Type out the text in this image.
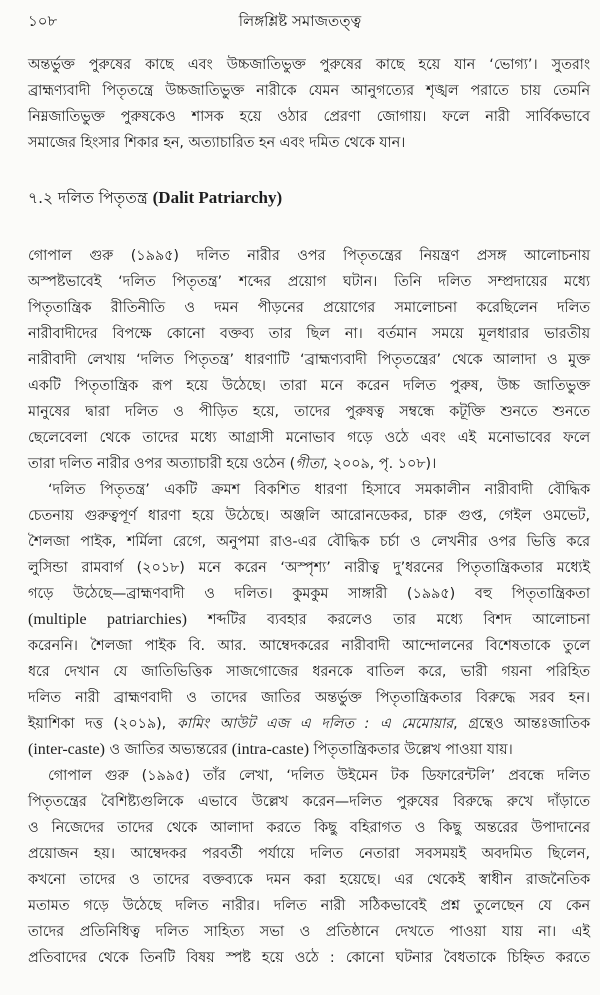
১০৮	লিঙ্গশ্লিষ্ট সমাজতত্ত্ব
অন্তর্ভুক্ত পুরুষের কাছে এবং উচ্চজাতিভুক্ত পুরুষের কাছে হয়ে যান ‘ভোগ্য’। সুতরাং
ব্রাহ্মণ্যবাদী পিতৃতন্ত্রে উচ্চজাতিভুক্ত নারীকে যেমন আনুগত্যের শৃঙ্খল পরাতে চায় তেমনি
নিম্নজাতিভুক্ত পুরুষকেও শাসক হয়ে ওঠার প্রেরণা জোগায়। ফলে নারী সার্বিকভাবে
সমাজের হিংসার শিকার হন, অত্যাচারিত হন এবং দমিত থেকে যান।
৭.২ দলিত পিতৃতন্ত্র (Dalit Patriarchy)
গোপাল গুরু (১৯৯৫) দলিত নারীর ওপর পিতৃতন্ত্রের নিয়ন্ত্রণ প্রসঙ্গ আলোচনায়
অস্পষ্টভাবেই ‘দলিত পিতৃতন্ত্র’ শব্দের প্রয়োগ ঘটান। তিনি দলিত সম্প্রদায়ের মধ্যে
পিতৃতান্ত্রিক রীতিনীতি ও দমন পীড়নের প্রয়োগের সমালোচনা করেছিলেন দলিত
নারীবাদীদের বিপক্ষে কোনো বক্তব্য তার ছিল না। বর্তমান সময়ে মূলধারার ভারতীয়
নারীবাদী লেখায় ‘দলিত পিতৃতন্ত্র’ ধারণাটি ‘ব্রাহ্মণ্যবাদী পিতৃতন্ত্রের’ থেকে আলাদা ও মুক্ত
একটি পিতৃতান্ত্রিক রূপ হয়ে উঠেছে। তারা মনে করেন দলিত পুরুষ, উচ্চ জাতিভুক্ত
মানুষের দ্বারা দলিত ও পীড়িত হয়ে, তাদের পুরুষত্ব সম্বন্ধে কটূক্তি শুনতে শুনতে
ছেলেবেলা থেকে তাদের মধ্যে আগ্রাসী মনোভাব গড়ে ওঠে এবং এই মনোভাবের ফলে
তারা দলিত নারীর ওপর অত্যাচারী হয়ে ওঠেন (গীতা, ২০০৯, পৃ. ১০৮)।
‘দলিত পিতৃতন্ত্র’ একটি ক্রমশ বিকশিত ধারণা হিসাবে সমকালীন নারীবাদী বৌদ্ধিক
চেতনায় গুরুত্বপূর্ণ ধারণা হয়ে উঠেছে। অঞ্জলি আরোনডেকর, চারু গুপ্ত, গেইল ওমভেট,
শৈলজা পাইক, শর্মিলা রেগে, অনুপমা রাও-এর বৌদ্ধিক চর্চা ও লেখনীর ওপর ভিত্তি করে
লুসিন্ডা রামবার্গ (২০১৮) মনে করেন ‘অস্পৃশ্য’ নারীত্ব দু’ধরনের পিতৃতান্ত্রিকতার মধ্যেই
গড়ে উঠেছে—ব্রাহ্মণবাদী ও দলিত। কুমকুম সাঙ্গারী (১৯৯৫) বহু পিতৃতান্ত্রিকতা
(multiple patriarchies) শব্দটির ব্যবহার করলেও তার মধ্যে বিশদ আলোচনা
করেননি। শৈলজা পাইক বি. আর. আম্বেদকরের নারীবাদী আন্দোলনের বিশেষতাকে তুলে
ধরে দেখান যে জাতিভিত্তিক সাজগোজের ধরনকে বাতিল করে, ভারী গয়না পরিহিত
দলিত নারী ব্রাহ্মণবাদী ও তাদের জাতির অন্তর্ভুক্ত পিতৃতান্ত্রিকতার বিরুদ্ধে সরব হন।
ইয়াশিকা দত্ত (২০১৯), কামিং আউট এজ এ দলিত : এ মেমোয়ার, গ্রন্থেও আন্তঃজাতিক
(inter-caste) ও জাতির অভ্যন্তরের (intra-caste) পিতৃতান্ত্রিকতার উল্লেখ পাওয়া যায়।
গোপাল গুরু (১৯৯৫) তাঁর লেখা, ‘দলিত উইমেন টক ডিফারেন্টলি’ প্রবন্ধে দলিত
পিতৃতন্ত্রের বৈশিষ্ট্যগুলিকে এভাবে উল্লেখ করেন—দলিত পুরুষের বিরুদ্ধে রুখে দাঁড়াতে
ও নিজেদের তাদের থেকে আলাদা করতে কিছু বহিরাগত ও কিছু অন্তরের উপাদানের
প্রয়োজন হয়। আম্বেদকর পরবর্তী পর্যায়ে দলিত নেতারা সবসময়ই অবদমিত ছিলেন,
কখনো তাদের ও তাদের বক্তব্যকে দমন করা হয়েছে। এর থেকেই স্বাধীন রাজনৈতিক
মতামত গড়ে উঠেছে দলিত নারীর। দলিত নারী সঠিকভাবেই প্রশ্ন তুলেছেন যে কেন
তাদের প্রতিনিধিত্ব দলিত সাহিত্য সভা ও প্রতিষ্ঠানে দেখতে পাওয়া যায় না। এই
প্রতিবাদের থেকে তিনটি বিষয় স্পষ্ট হয়ে ওঠে : কোনো ঘটনার বৈধতাকে চিহ্নিত করতে
